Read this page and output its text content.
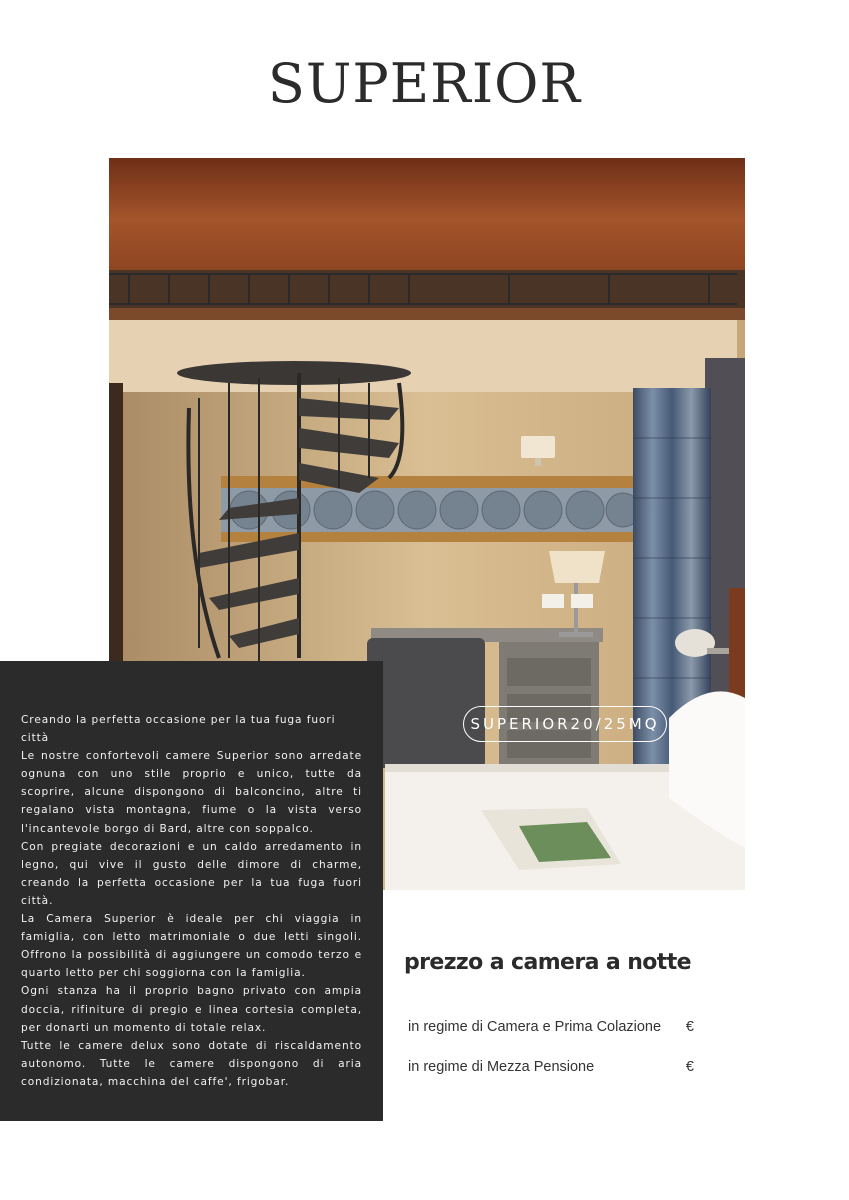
SUPERIOR
SUPERIOR20/25MQ

Creando la perfetta occasione per la tua fuga fuori città

Le nostre confortevoli camere Superior sono arredate ognuna con uno stile proprio e unico, tutte da scoprire, alcune dispongono di balconcino, altre ti regalano vista montagna, fiume o la vista verso l'incantevole borgo di Bard, altre con soppalco.

Con pregiate decorazioni e un caldo arredamento in legno, qui vive il gusto delle dimore di charme, creando la perfetta occasione per la tua fuga fuori città.

La Camera Superior è ideale per chi viaggia in famiglia, con letto matrimoniale o due letti singoli. Offrono la possibilità di aggiungere un comodo terzo e quarto letto per chi soggiorna con la famiglia.

Ogni stanza ha il proprio bagno privato con ampia doccia, rifiniture di pregio e linea cortesia completa, per donarti un momento di totale relax.

Tutte le camere delux sono dotate di riscaldamento autonomo. Tutte le camere dispongono di aria condizionata, macchina del caffe', frigobar.

prezzo a camera a notte
in regime di Camera e Prima Colazione €
in regime di Mezza Pensione	€
